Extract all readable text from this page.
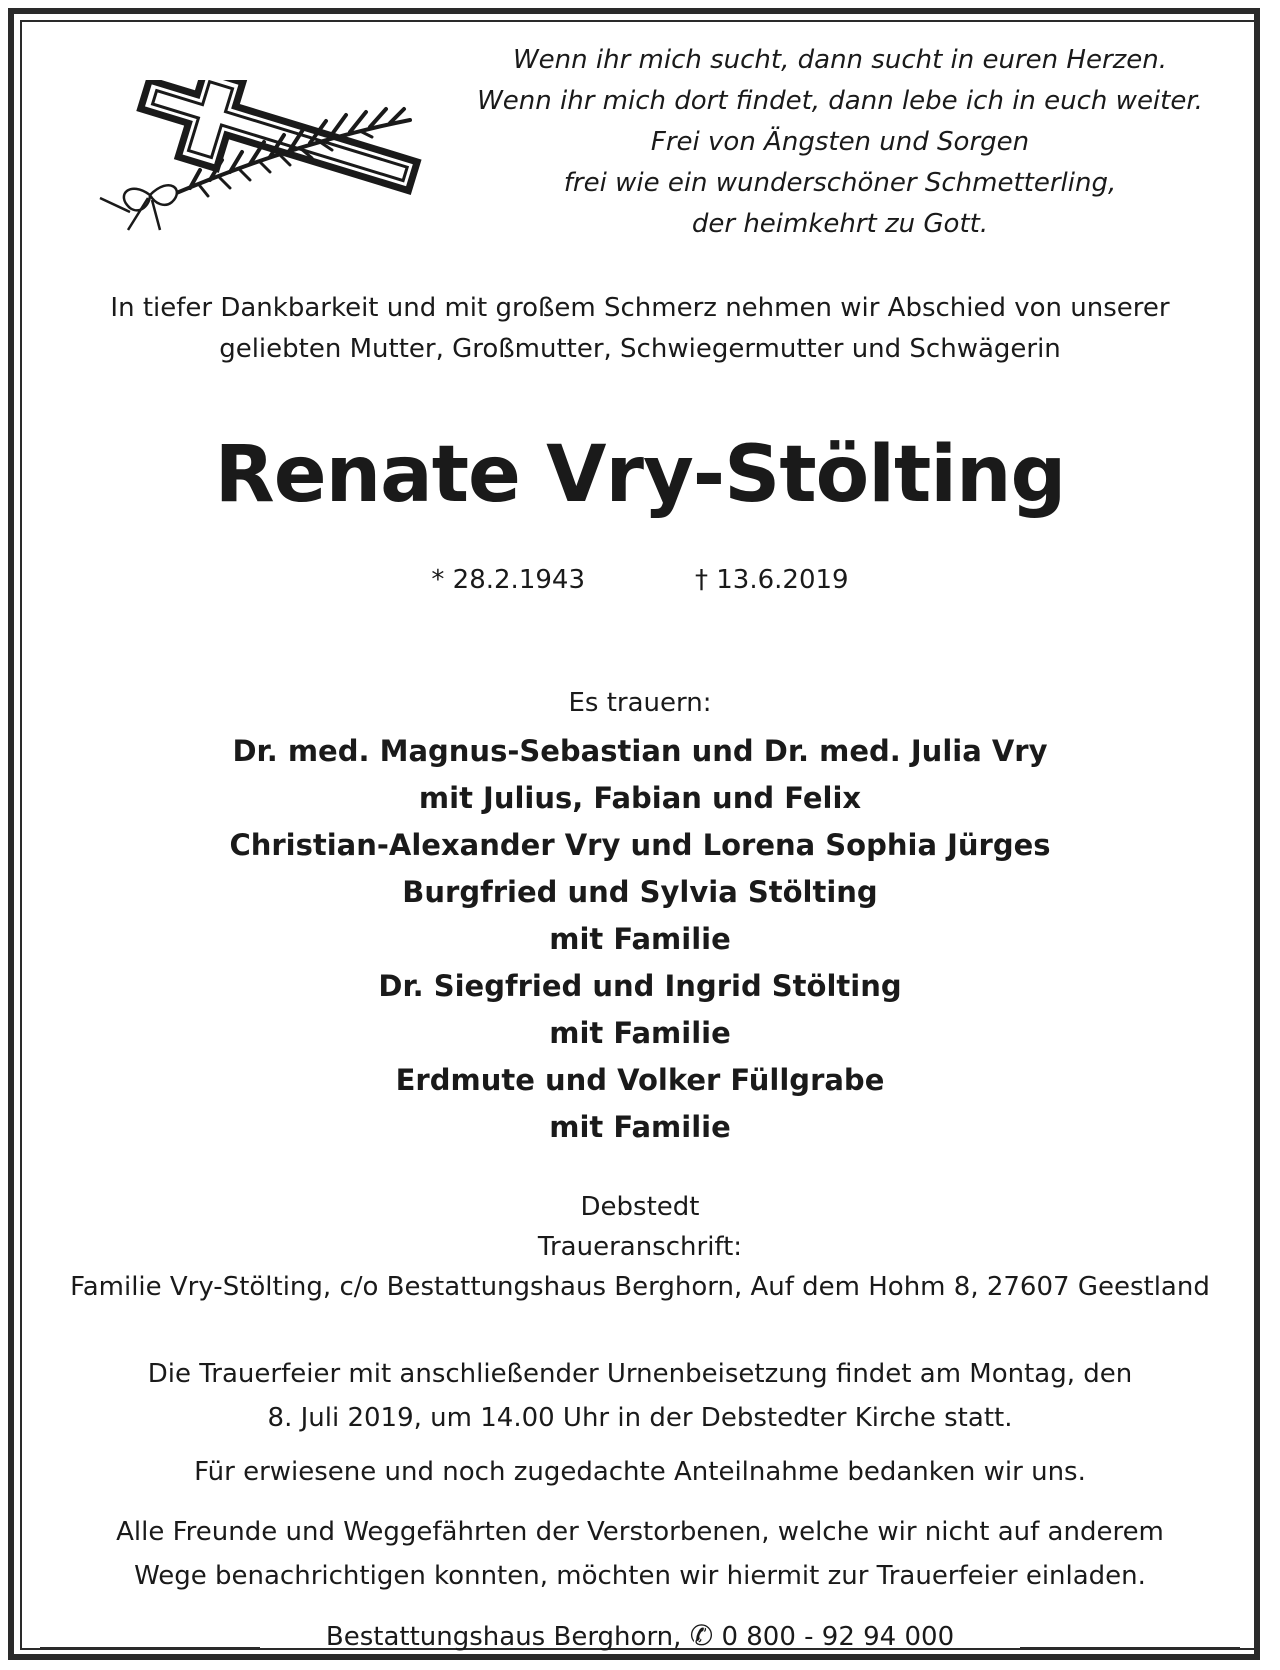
Wenn ihr mich sucht, dann sucht in euren Herzen.
Wenn ihr mich dort findet, dann lebe ich in euch weiter.
Frei von Ängsten und Sorgen
frei wie ein wunderschöner Schmetterling,
der heimkehrt zu Gott.
In tiefer Dankbarkeit und mit großem Schmerz nehmen wir Abschied von unserer
geliebten Mutter, Großmutter, Schwiegermutter und Schwägerin
Renate Vry-Stölting
* 28.2.1943	† 13.6.2019
Es trauern:
Dr. med. Magnus-Sebastian und Dr. med. Julia Vry
mit Julius, Fabian und Felix
Christian-Alexander Vry und Lorena Sophia Jürges
Burgfried und Sylvia Stölting
mit Familie
Dr. Siegfried und Ingrid Stölting
mit Familie
Erdmute und Volker Füllgrabe
mit Familie
Debstedt
Traueranschrift:
Familie Vry-Stölting, c/o Bestattungshaus Berghorn, Auf dem Hohm 8, 27607 Geestland
Die Trauerfeier mit anschließender Urnenbeisetzung findet am Montag, den
8. Juli 2019, um 14.00 Uhr in der Debstedter Kirche statt.
Für erwiesene und noch zugedachte Anteilnahme bedanken wir uns.
Alle Freunde und Weggefährten der Verstorbenen, welche wir nicht auf anderem
Wege benachrichtigen konnten, möchten wir hiermit zur Trauerfeier einladen.
Bestattungshaus Berghorn, ✆ 0 800 - 92 94 000
